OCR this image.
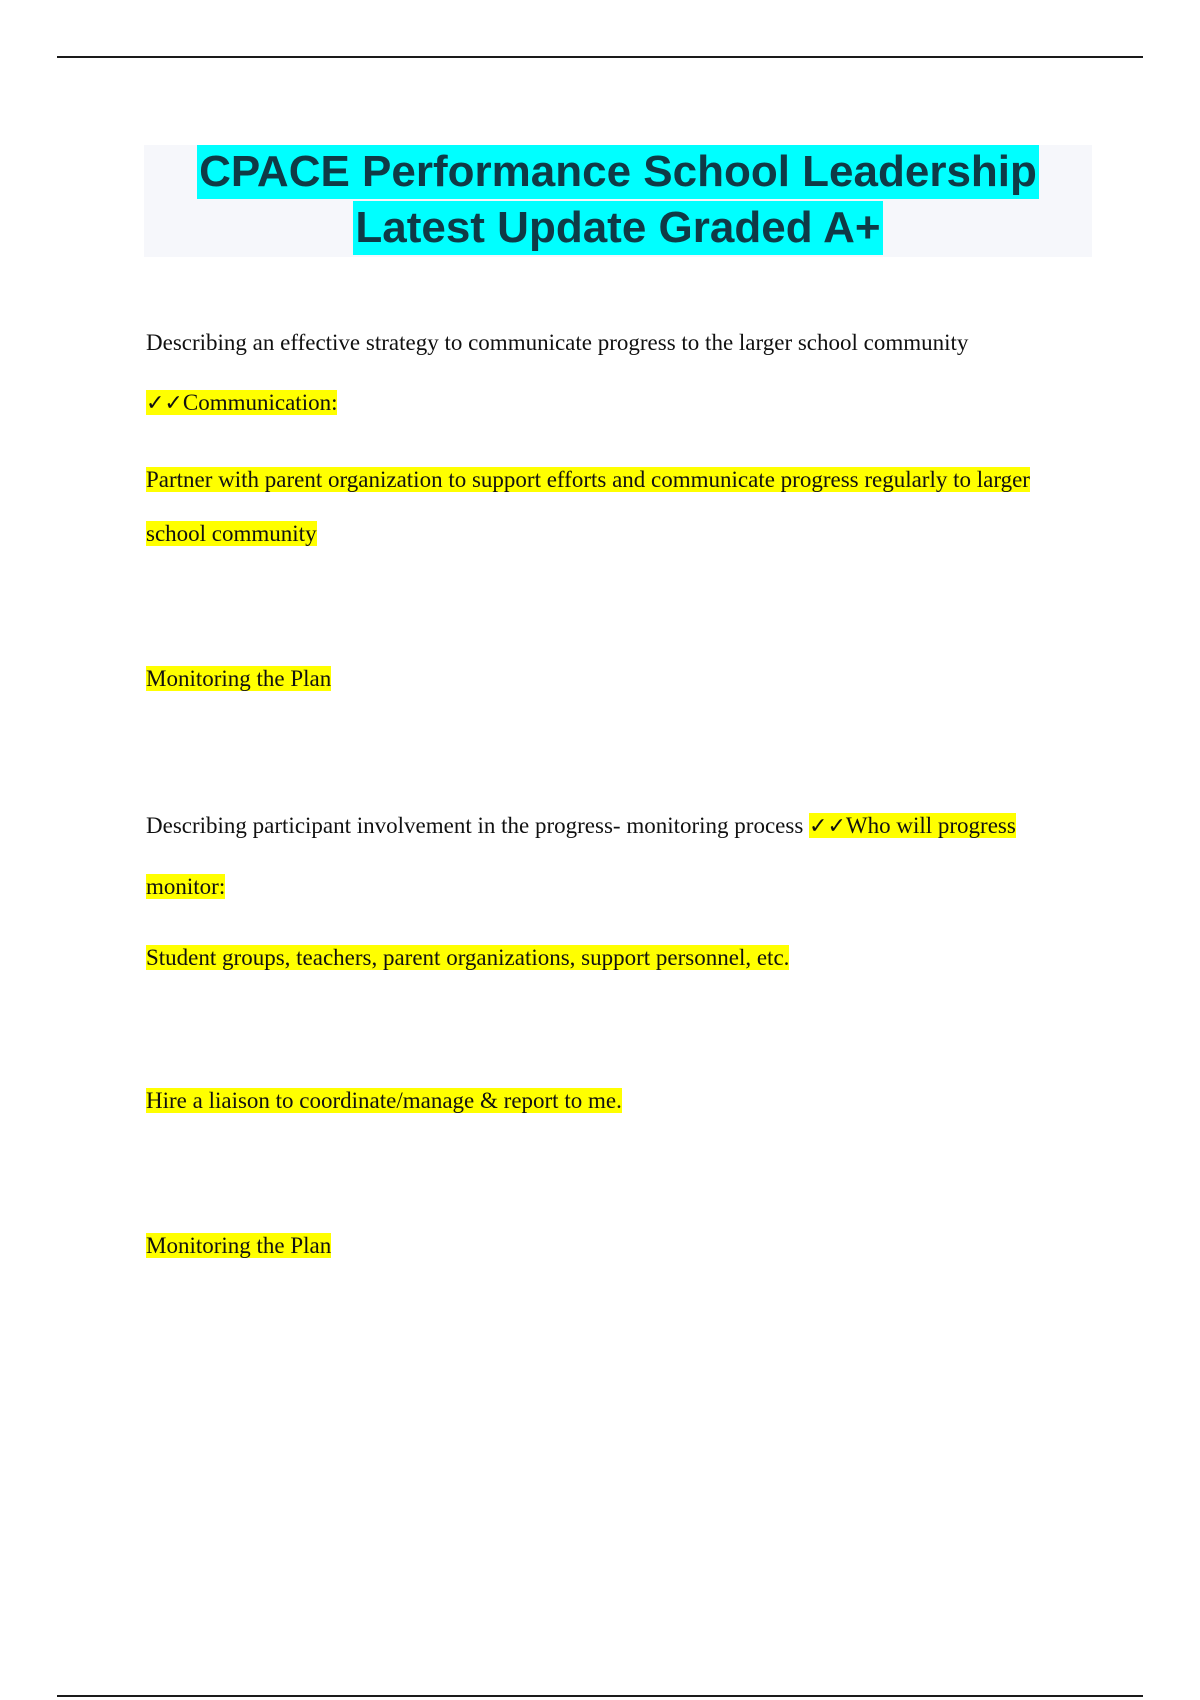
CPACE Performance School Leadership
Latest Update Graded A+
Describing an effective strategy to communicate progress to the larger school community
✓✓Communication:
Partner with parent organization to support efforts and communicate progress regularly to larger
school community
Monitoring the Plan
Describing participant involvement in the progress- monitoring process ✓✓Who will progress
monitor:
Student groups, teachers, parent organizations, support personnel, etc.
Hire a liaison to coordinate/manage & report to me.
Monitoring the Plan
